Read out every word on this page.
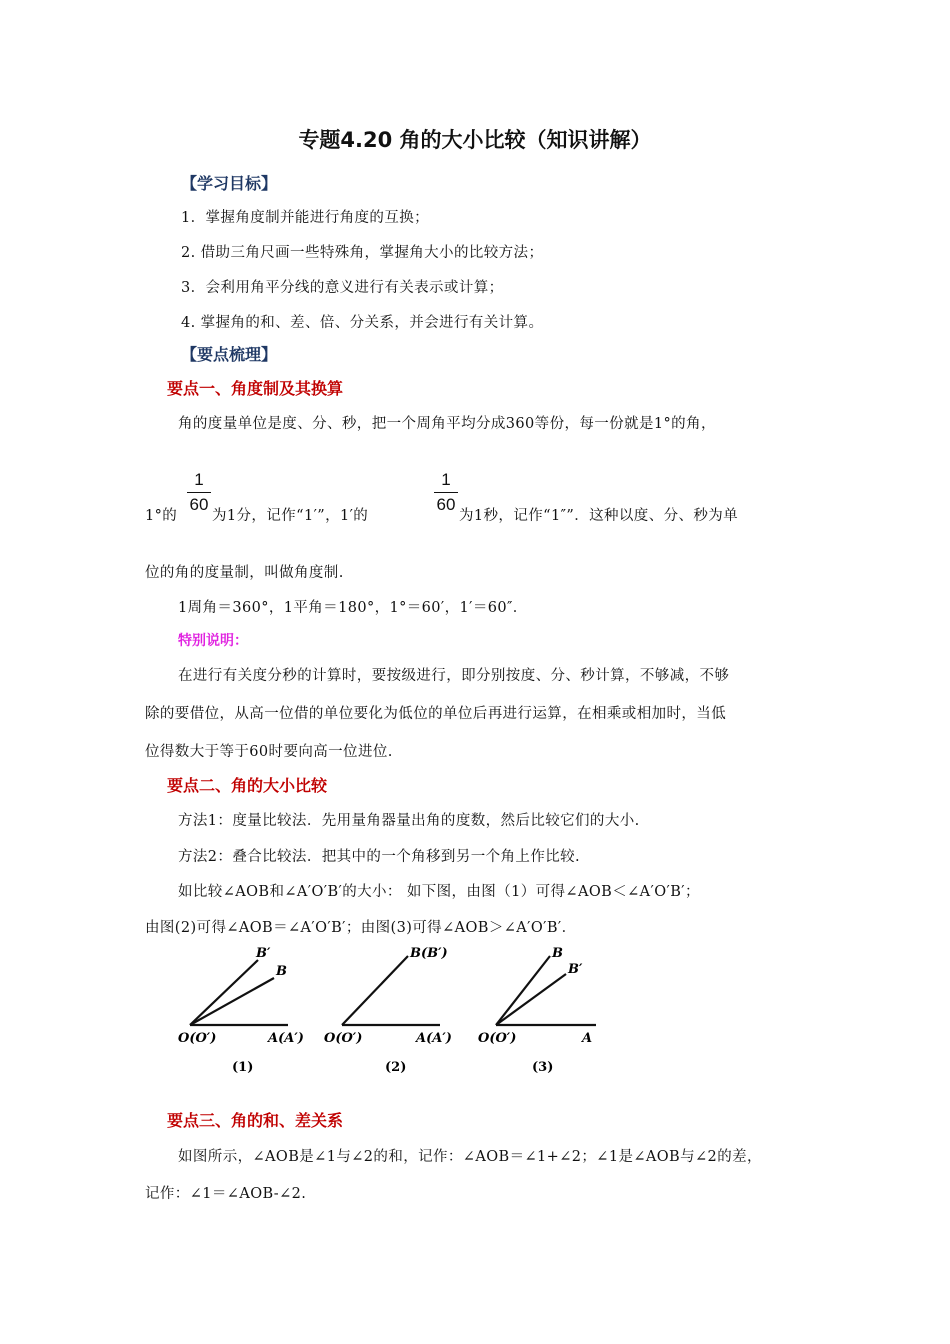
专题4.20 角的大小比较（知识讲解）
【学习目标】
1．掌握角度制并能进行角度的互换；
2. 借助三角尺画一些特殊角，掌握角大小的比较方法；
3．会利用角平分线的意义进行有关表示或计算；
4. 掌握角的和、差、倍、分关系，并会进行有关计算。
【要点梳理】
要点一、角度制及其换算
角的度量单位是度、分、秒，把一个周角平均分成360等份，每一份就是1°的角，
1°的
1
60
为1分，记作“1′”，1′的
1
60
为1秒，记作“1″”．这种以度、分、秒为单
位的角的度量制，叫做角度制.
1周角＝360°，1平角＝180°，1°＝60′，1′＝60″．
特别说明：
在进行有关度分秒的计算时，要按级进行，即分别按度、分、秒计算，不够减，不够
除的要借位，从高一位借的单位要化为低位的单位后再进行运算，在相乘或相加时，当低
位得数大于等于60时要向高一位进位.
要点二、角的大小比较
方法1：度量比较法．先用量角器量出角的度数，然后比较它们的大小.
方法2：叠合比较法．把其中的一个角移到另一个角上作比较.
如比较∠AOB和∠A′O′B′的大小： 如下图，由图（1）可得∠AOB＜∠A′O′B′；
由图(2)可得∠AOB＝∠A′O′B′；由图(3)可得∠AOB＞∠A′O′B′．
B′
B
O(O′)	A(A′)
(1)
B(B′)
O(O′)	A(A′)
(2)
B
B′
O(O′)	A
(3)
要点三、角的和、差关系
如图所示，∠AOB是∠1与∠2的和，记作：∠AOB＝∠1+∠2；∠1是∠AOB与∠2的差，
记作：∠1＝∠AOB-∠2.
